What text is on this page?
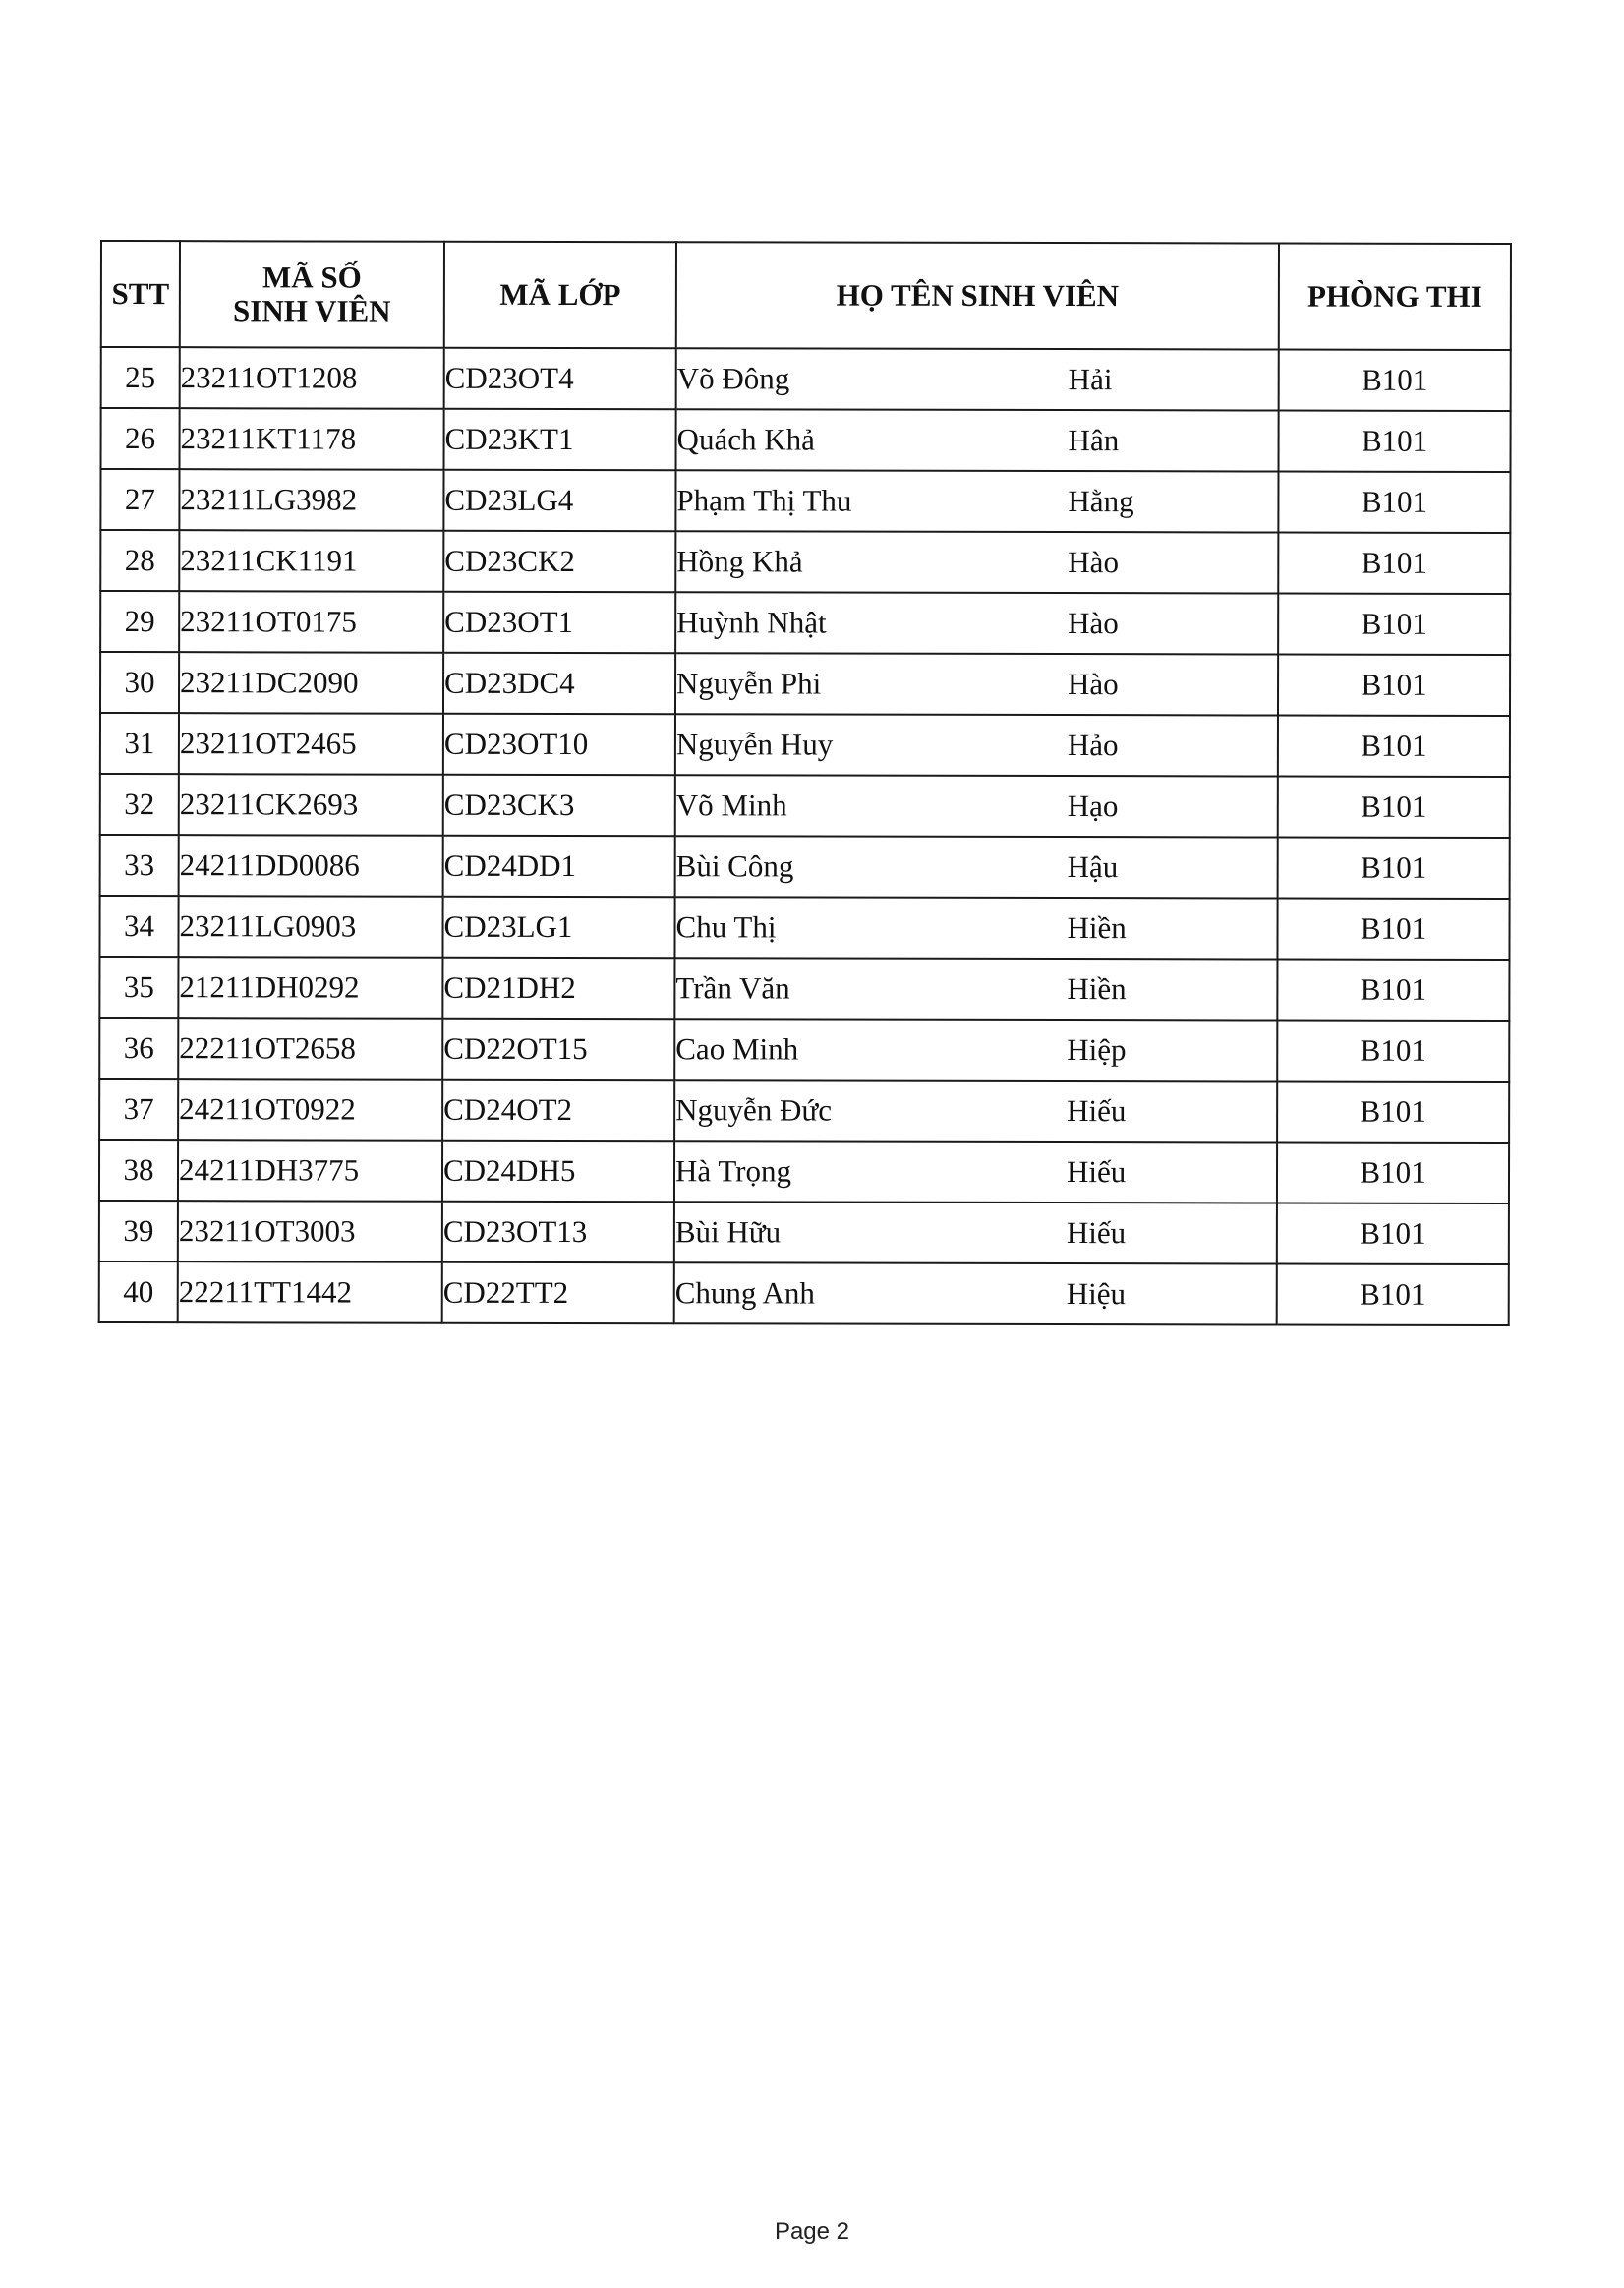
STT	MÃ SỐ
SINH VIÊN	MÃ LỚP	HỌ TÊN SINH VIÊN	PHÒNG THI
25	23211OT1208	CD23OT4	Võ Đông Hải	B101
26	23211KT1178	CD23KT1	Quách Khả Hân	B101
27	23211LG3982	CD23LG4	Phạm Thị Thu Hằng	B101
28	23211CK1191	CD23CK2	Hồng Khả Hào	B101
29	23211OT0175	CD23OT1	Huỳnh Nhật Hào	B101
30	23211DC2090	CD23DC4	Nguyễn Phi Hào	B101
31	23211OT2465	CD23OT10	Nguyễn Huy Hảo	B101
32	23211CK2693	CD23CK3	Võ Minh Hạo	B101
33	24211DD0086	CD24DD1	Bùi Công Hậu	B101
34	23211LG0903	CD23LG1	Chu Thị Hiền	B101
35	21211DH0292	CD21DH2	Trần Văn Hiền	B101
36	22211OT2658	CD22OT15	Cao Minh Hiệp	B101
37	24211OT0922	CD24OT2	Nguyễn Đức Hiếu	B101
38	24211DH3775	CD24DH5	Hà Trọng Hiếu	B101
39	23211OT3003	CD23OT13	Bùi Hữu Hiếu	B101
40	22211TT1442	CD22TT2	Chung Anh Hiệu	B101
Page 2
